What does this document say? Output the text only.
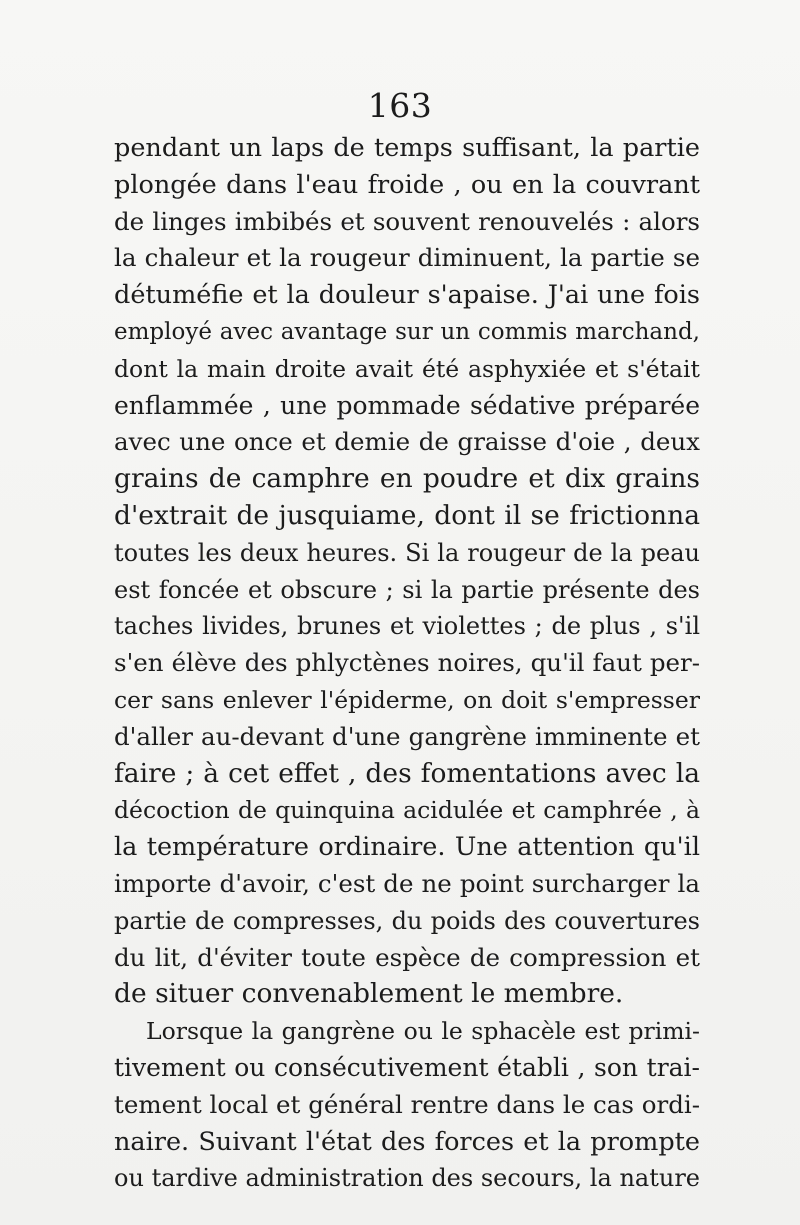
163
pendant un laps de temps suffisant, la partie
plongée dans l'eau froide , ou en la couvrant
de linges imbibés et souvent renouvelés : alors
la chaleur et la rougeur diminuent, la partie se
détuméfie et la douleur s'apaise. J'ai une fois
employé avec avantage sur un commis marchand,
dont la main droite avait été asphyxiée et s'était
enflammée , une pommade sédative préparée
avec une once et demie de graisse d'oie , deux
grains de camphre en poudre et dix grains
d'extrait de jusquiame, dont il se frictionna
toutes les deux heures. Si la rougeur de la peau
est foncée et obscure ; si la partie présente des
taches livides, brunes et violettes ; de plus , s'il
s'en élève des phlyctènes noires, qu'il faut per-
cer sans enlever l'épiderme, on doit s'empresser
d'aller au-devant d'une gangrène imminente et
faire ; à cet effet , des fomentations avec la
décoction de quinquina acidulée et camphrée , à
la température ordinaire. Une attention qu'il
importe d'avoir, c'est de ne point surcharger la
partie de compresses, du poids des couvertures
du lit, d'éviter toute espèce de compression et
de situer convenablement le membre.
Lorsque la gangrène ou le sphacèle est primi-
tivement ou consécutivement établi , son trai-
tement local et général rentre dans le cas ordi-
naire. Suivant l'état des forces et la prompte
ou tardive administration des secours, la nature
